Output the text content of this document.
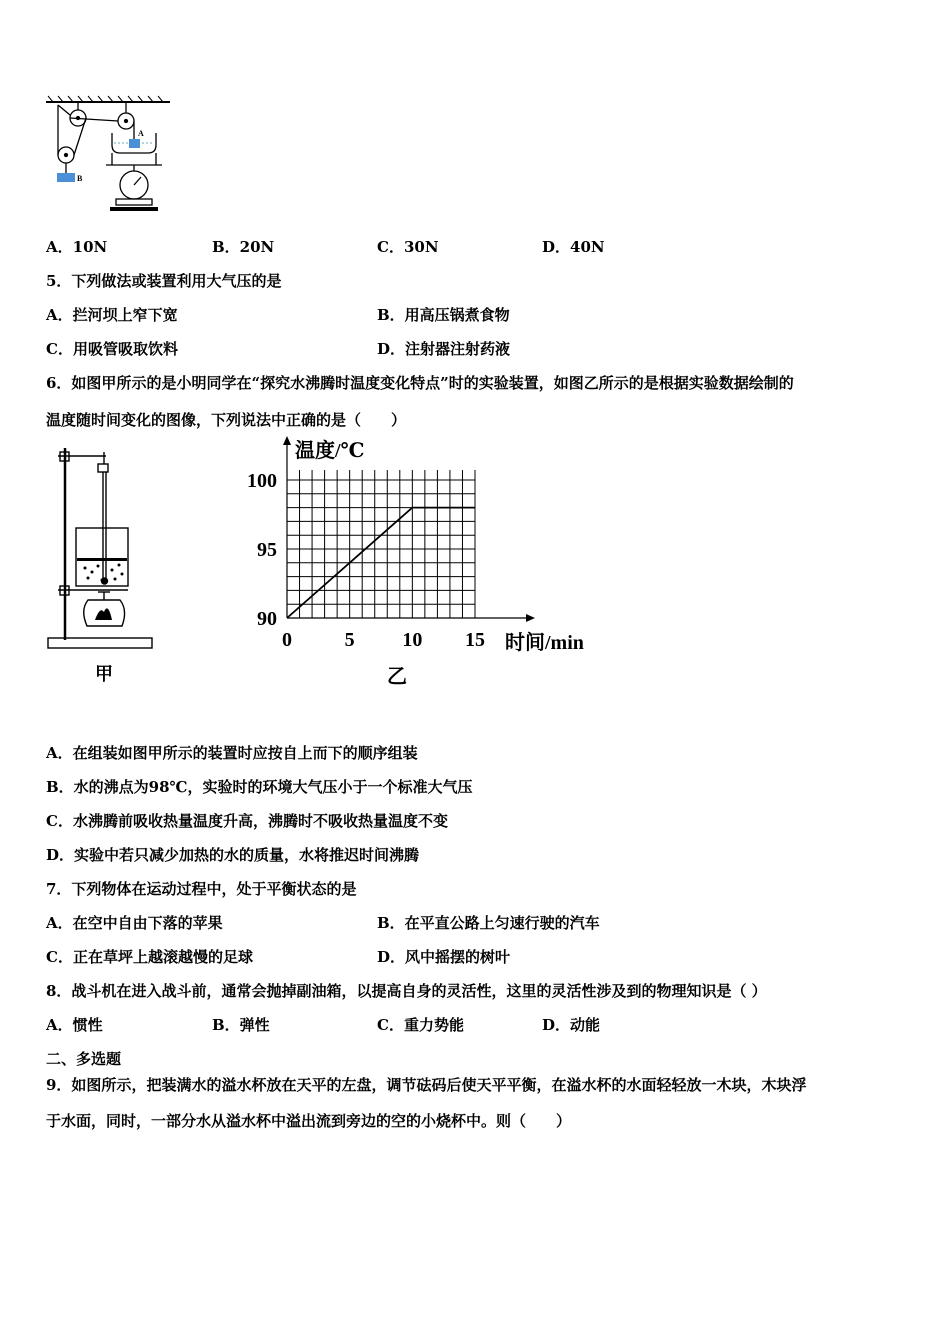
A
B
A．10N	B．20N	C．30N	D．40N
5．下列做法或装置利用大气压的是
A．拦河坝上窄下宽	B．用高压锅煮食物
C．用吸管吸取饮料	D．注射器注射药液
6．如图甲所示的是小明同学在“探究水沸腾时温度变化特点”时的实验装置，如图乙所示的是根据实验数据绘制的
温度随时间变化的图像，下列说法中正确的是（　　）
甲
温度/℃
时间/min
90
95
100
0	5 10 15
乙
A．在组装如图甲所示的装置时应按自上而下的顺序组装
B．水的沸点为98℃，实验时的环境大气压小于一个标准大气压
C．水沸腾前吸收热量温度升高，沸腾时不吸收热量温度不变
D．实验中若只减少加热的水的质量，水将推迟时间沸腾
7．下列物体在运动过程中，处于平衡状态的是
A．在空中自由下落的苹果	B．在平直公路上匀速行驶的汽车
C．正在草坪上越滚越慢的足球	D．风中摇摆的树叶
8．战斗机在进入战斗前，通常会抛掉副油箱，以提高自身的灵活性，这里的灵活性涉及到的物理知识是（ ）
A．惯性	B．弹性	C．重力势能	D．动能
二、多选题
9．如图所示，把装满水的溢水杯放在天平的左盘，调节砝码后使天平平衡，在溢水杯的水面轻轻放一木块，木块浮
于水面，同时，一部分水从溢水杯中溢出流到旁边的空的小烧杯中。则（　　）
